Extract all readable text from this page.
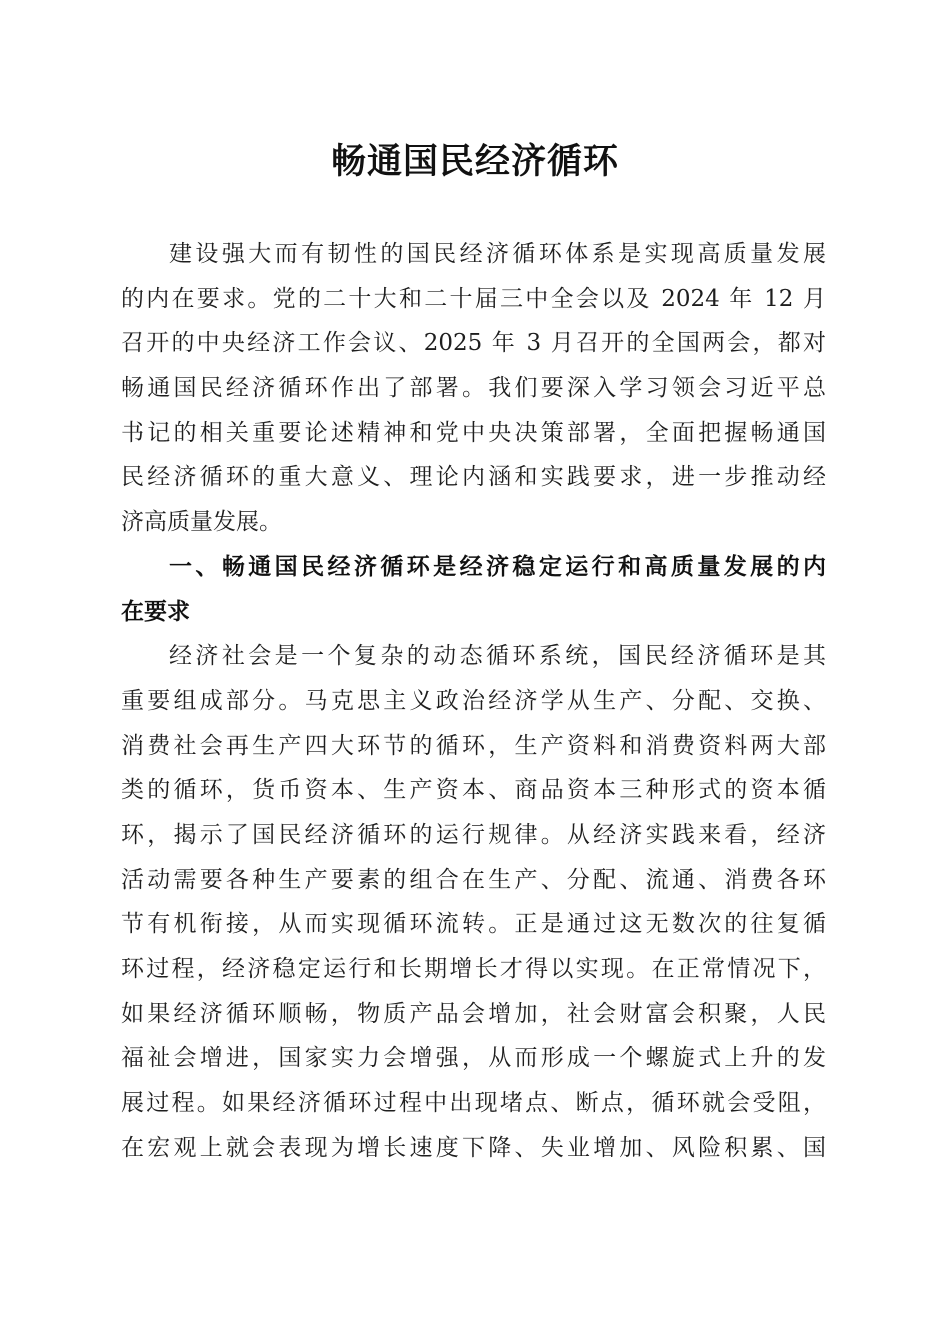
畅通国民经济循环
建设强大而有韧性的国民经济循环体系是实现高质量发展
的内在要求。党的二十大和二十届三中全会以及 2024 年 12 月
召开的中央经济工作会议、2025 年 3 月召开的全国两会，都对
畅通国民经济循环作出了部署。我们要深入学习领会习近平总
书记的相关重要论述精神和党中央决策部署，全面把握畅通国
民经济循环的重大意义、理论内涵和实践要求，进一步推动经
济高质量发展。
一、畅通国民经济循环是经济稳定运行和高质量发展的内
在要求
经济社会是一个复杂的动态循环系统，国民经济循环是其
重要组成部分。马克思主义政治经济学从生产、分配、交换、
消费社会再生产四大环节的循环，生产资料和消费资料两大部
类的循环，货币资本、生产资本、商品资本三种形式的资本循
环，揭示了国民经济循环的运行规律。从经济实践来看，经济
活动需要各种生产要素的组合在生产、分配、流通、消费各环
节有机衔接，从而实现循环流转。正是通过这无数次的往复循
环过程，经济稳定运行和长期增长才得以实现。在正常情况下，
如果经济循环顺畅，物质产品会增加，社会财富会积聚，人民
福祉会增进，国家实力会增强，从而形成一个螺旋式上升的发
展过程。如果经济循环过程中出现堵点、断点，循环就会受阻，
在宏观上就会表现为增长速度下降、失业增加、风险积累、国
